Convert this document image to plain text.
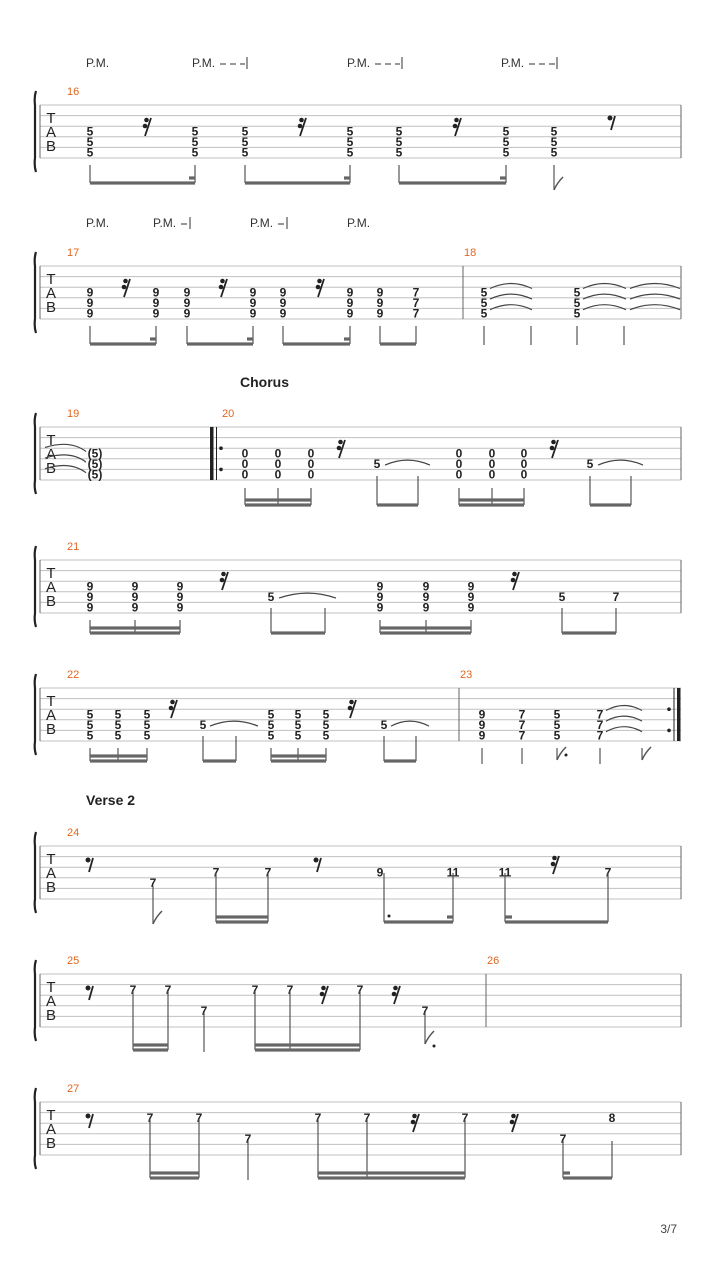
T
A
B
16
P.M.	P.M.	P.M.	P.M.
5
5
5
5
5
5
5
5
5
5
5
5
5
5
5
5
5
5
5
5
5
T
A
B
17	18
P.M.	P.M.	P.M.	P.M.
9
9
9
9
9
9
9
9
9
9
9
9
9
9
9
9
9
9
9
9
9
7
7
7
5
5
5
5
5
5
Chorus
T
A
B
19	20
(5)
(5)
(5)
0
0
0
0
0
0
0
0
0
5
0
0
0
0
0
0
0
0
0
5
T
A
B
21
9
9
9
9
9
9
9
9
9
5
9
9
9
9
9
9
9
9
9
5	7
T
A
B
22	23
5
5
5
5
5
5
5
5
5
5
5
5
5
5
5
5
5
5
5
5
9
9
9
7
7
7
5
5
5
7
7
7
Verse 2
T
A
B
24
7
7	7	9	11	11	7
T
A
B
25	26
7 7
7
7 7	7
7
T
A
B
27
7	7
7
7	7	7
7
8
3/7
